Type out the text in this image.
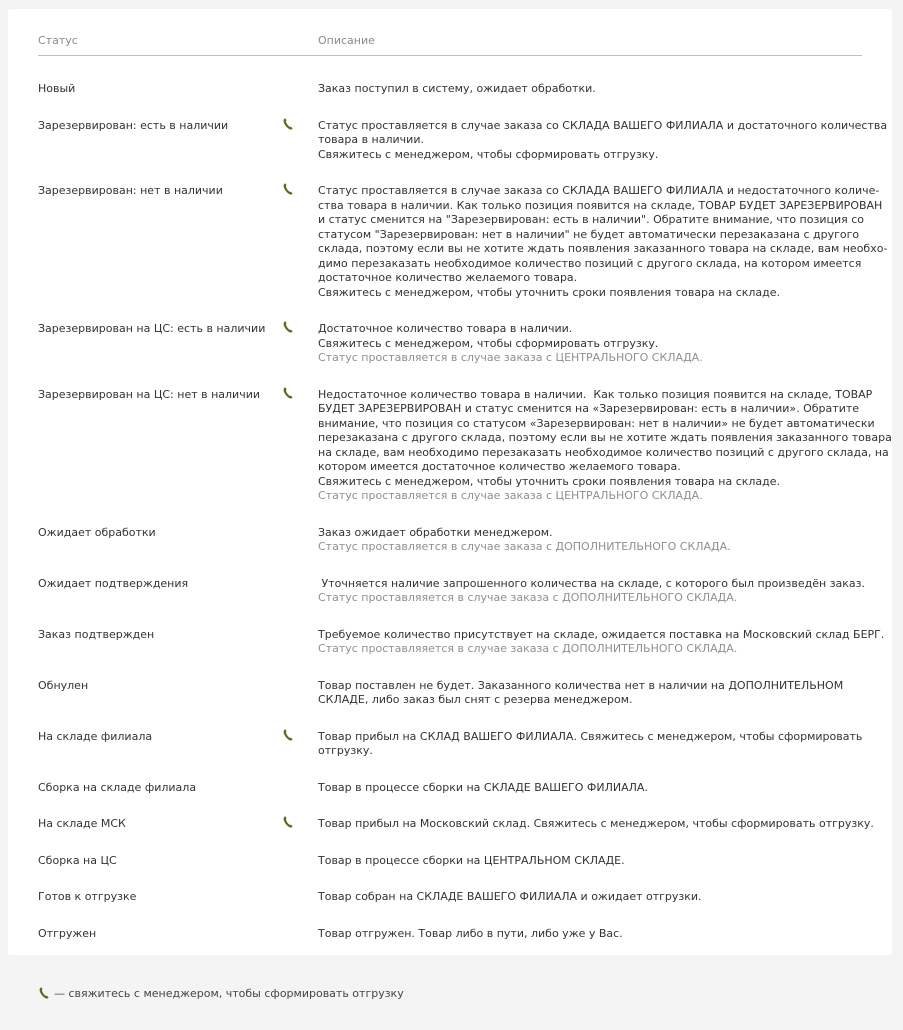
Статус	Описание
Новый	Заказ поступил в систему, ожидает обработки.
Зарезервирован: есть в наличии	Статус проставляется в случае заказа со СКЛАДА ВАШЕГО ФИЛИАЛА и достаточного количества
товара в наличии.
Свяжитесь с менеджером, чтобы сформировать отгрузку.
Зарезервирован: нет в наличии	Статус проставляется в случае заказа со СКЛАДА ВАШЕГО ФИЛИАЛА и недостаточного количе-
ства товара в наличии. Как только позиция появится на складе, ТОВАР БУДЕТ ЗАРЕЗЕРВИРОВАН
и статус сменится на "Зарезервирован: есть в наличии". Обратите внимание, что позиция со
статусом "Зарезервирован: нет в наличии" не будет автоматически перезаказана с другого
склада, поэтому если вы не хотите ждать появления заказанного товара на складе, вам необхо-
димо перезаказать необходимое количество позиций с другого склада, на котором имеется
достаточное количество желаемого товара.
Свяжитесь с менеджером, чтобы уточнить сроки появления товара на складе.
Зарезервирован на ЦС: есть в наличии	Достаточное количество товара в наличии.
Свяжитесь с менеджером, чтобы сформировать отгрузку.
Статус проставляется в случае заказа с ЦЕНТРАЛЬНОГО СКЛАДА.
Зарезервирован на ЦС: нет в наличии	Недостаточное количество товара в наличии.  Как только позиция появится на складе, ТОВАР
БУДЕТ ЗАРЕЗЕРВИРОВАН и статус сменится на «Зарезервирован: есть в наличии». Обратите
внимание, что позиция со статусом «Зарезервирован: нет в наличии» не будет автоматически
перезаказана с другого склада, поэтому если вы не хотите ждать появления заказанного товара
на складе, вам необходимо перезаказать необходимое количество позиций с другого склада, на
котором имеется достаточное количество желаемого товара.
Свяжитесь с менеджером, чтобы уточнить сроки появления товара на складе.
Статус проставляется в случае заказа с ЦЕНТРАЛЬНОГО СКЛАДА.
Ожидает обработки	Заказ ожидает обработки менеджером.
Статус проставляется в случае заказа с ДОПОЛНИТЕЛЬНОГО СКЛАДА.
Ожидает подтверждения	Уточняется наличие запрошенного количества на складе, с которого был произведён заказ.
Статус проставляяется в случае заказа с ДОПОЛНИТЕЛЬНОГО СКЛАДА.
Заказ подтвержден	Требуемое количество присутствует на складе, ожидается поставка на Московский склад БЕРГ.
Статус проставляяется в случае заказа с ДОПОЛНИТЕЛЬНОГО СКЛАДА.
Обнулен	Товар поставлен не будет. Заказанного количества нет в наличии на ДОПОЛНИТЕЛЬНОМ
СКЛАДЕ, либо заказ был снят с резерва менеджером.
На складе филиала	Товар прибыл на СКЛАД ВАШЕГО ФИЛИАЛА. Свяжитесь с менеджером, чтобы сформировать
отгрузку.
Сборка на складе филиала	Товар в процессе сборки на СКЛАДЕ ВАШЕГО ФИЛИАЛА.
На складе МСК	Товар прибыл на Московский склад. Свяжитесь с менеджером, чтобы сформировать отгрузку.
Сборка на ЦС	Товар в процессе сборки на ЦЕНТРАЛЬНОМ СКЛАДЕ.
Готов к отгрузке	Товар собран на СКЛАДЕ ВАШЕГО ФИЛИАЛА и ожидает отгрузки.
Отгружен	Товар отгружен. Товар либо в пути, либо уже у Вас.
— свяжитесь с менеджером, чтобы сформировать отгрузку
